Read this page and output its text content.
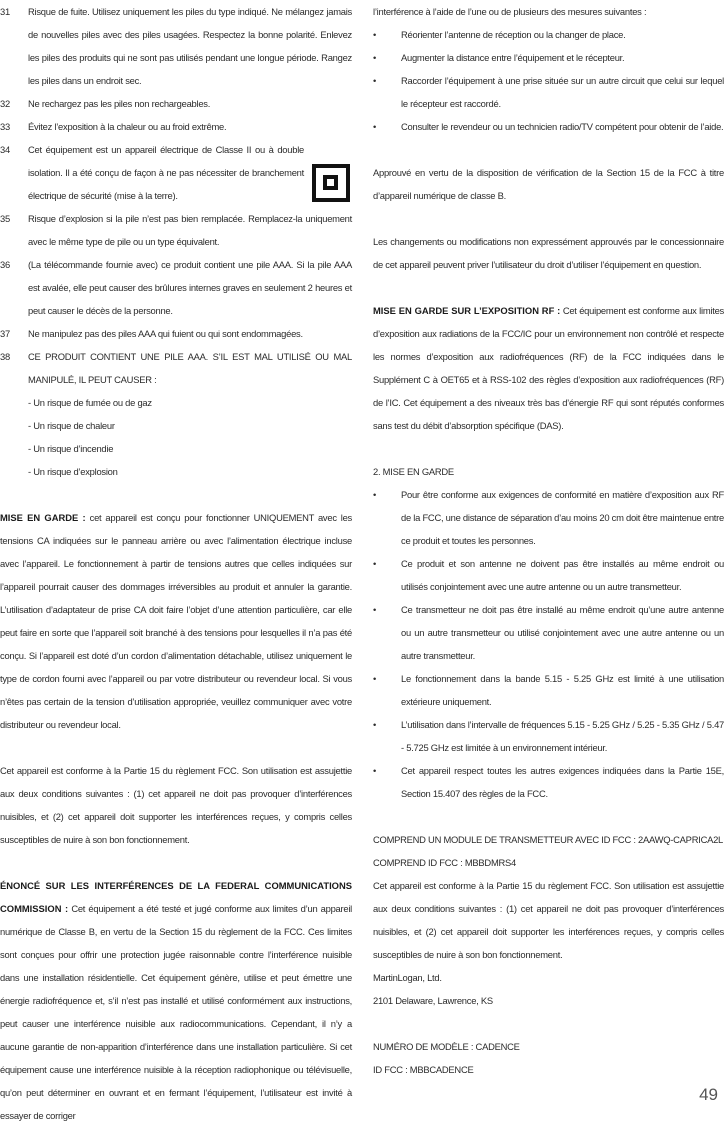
31 Risque de fuite. Utilisez uniquement les piles du type indiqué. Ne mélangez jamais de nouvelles piles avec des piles usagées. Respectez la bonne polarité. Enlevez les piles des produits qui ne sont pas utilisés pendant une longue période. Rangez les piles dans un endroit sec.
32 Ne rechargez pas les piles non rechargeables.
33 Évitez l’exposition à la chaleur ou au froid extrême.
34 Cet équipement est un appareil électrique de Classe II ou à double isolation. Il a été conçu de façon à ne pas nécessiter de branchement électrique de sécurité (mise à la terre).
35 Risque d’explosion si la pile n’est pas bien remplacée. Remplacez-la uniquement avec le même type de pile ou un type équivalent.
36 (La télécommande fournie avec) ce produit contient une pile AAA. Si la pile AAA est avalée, elle peut causer des brûlures internes graves en seulement 2 heures et peut causer le décès de la personne.
37 Ne manipulez pas des piles AAA qui fuient ou qui sont endommagées.
38 CE PRODUIT CONTIENT UNE PILE AAA. S’IL EST MAL UTILISÉ OU MAL MANIPULÉ, IL PEUT CAUSER :
- Un risque de fumée ou de gaz
- Un risque de chaleur
- Un risque d’incendie
- Un risque d’explosion
MISE EN GARDE : cet appareil est conçu pour fonctionner UNIQUEMENT avec les tensions CA indiquées sur le panneau arrière ou avec l’alimentation électrique incluse avec l’appareil. Le fonctionnement à partir de tensions autres que celles indiquées sur l’appareil pourrait causer des dommages irréversibles au produit et annuler la garantie. L’utilisation d’adaptateur de prise CA doit faire l’objet d’une attention particulière, car elle peut faire en sorte que l’appareil soit branché à des tensions pour lesquelles il n’a pas été conçu. Si l’appareil est doté d’un cordon d’alimentation détachable, utilisez uniquement le type de cordon fourni avec l’appareil ou par votre distributeur ou revendeur local. Si vous n’êtes pas certain de la tension d’utilisation appropriée, veuillez communiquer avec votre distributeur ou revendeur local.
Cet appareil est conforme à la Partie 15 du règlement FCC. Son utilisation est assujettie aux deux conditions suivantes : (1) cet appareil ne doit pas provoquer d’interférences nuisibles, et (2) cet appareil doit supporter les interférences reçues, y compris celles susceptibles de nuire à son bon fonctionnement.
ÉNONCÉ SUR LES INTERFÉRENCES DE LA FEDERAL COMMUNICATIONS COMMISSION : Cet équipement a été testé et jugé conforme aux limites d’un appareil numérique de Classe B, en vertu de la Section 15 du règlement de la FCC. Ces limites sont conçues pour offrir une protection jugée raisonnable contre l’interférence nuisible dans une installation résidentielle. Cet équipement génère, utilise et peut émettre une énergie radiofréquence et, s’il n’est pas installé et utilisé conformément aux instructions, peut causer une interférence nuisible aux radiocommunications. Cependant, il n’y a aucune garantie de non-apparition d’interférence dans une installation particulière. Si cet équipement cause une interférence nuisible à la réception radiophonique ou télévisuelle, qu’on peut déterminer en ouvrant et en fermant l’équipement, l’utilisateur est invité à essayer de corriger
l’interférence à l’aide de l’une ou de plusieurs des mesures suivantes :
•	Réorienter l’antenne de réception ou la changer de place.
•	Augmenter la distance entre l’équipement et le récepteur.
•	Raccorder l’équipement à une prise située sur un autre circuit que celui sur lequel le récepteur est raccordé.
•	Consulter le revendeur ou un technicien radio/TV compétent pour obtenir de l’aide.
Approuvé en vertu de la disposition de vérification de la Section 15 de la FCC à titre d’appareil numérique de classe B.
Les changements ou modifications non expressément approuvés par le concessionnaire de cet appareil peuvent priver l’utilisateur du droit d’utiliser l’équipement en question.
MISE EN GARDE SUR L’EXPOSITION RF : Cet équipement est conforme aux limites d’exposition aux radiations de la FCC/IC pour un environnement non contrôlé et respecte les normes d’exposition aux radiofréquences (RF) de la FCC indiquées dans le Supplément C à OET65 et à RSS-102 des règles d’exposition aux radiofréquences (RF) de l’IC. Cet équipement a des niveaux très bas d’énergie RF qui sont réputés conformes sans test du débit d’absorption spécifique (DAS).
2. MISE EN GARDE
•	Pour être conforme aux exigences de conformité en matière d’exposition aux RF de la FCC, une distance de séparation d’au moins 20 cm doit être maintenue entre ce produit et toutes les personnes.
•	Ce produit et son antenne ne doivent pas être installés au même endroit ou utilisés conjointement avec une autre antenne ou un autre transmetteur.
•	Ce transmetteur ne doit pas être installé au même endroit qu’une autre antenne ou un autre transmetteur ou utilisé conjointement avec une autre antenne ou un autre transmetteur.
•	Le fonctionnement dans la bande 5.15 - 5.25 GHz est limité à une utilisation extérieure uniquement.
•	L’utilisation dans l’intervalle de fréquences 5.15 - 5.25 GHz / 5.25 - 5.35 GHz / 5.47 - 5.725 GHz est limitée à un environnement intérieur.
•	Cet appareil respect toutes les autres exigences indiquées dans la Partie 15E, Section 15.407 des règles de la FCC.
COMPREND UN MODULE DE TRANSMETTEUR AVEC ID FCC : 2AAWQ-CAPRICA2L
COMPREND ID FCC : MBBDMRS4
Cet appareil est conforme à la Partie 15 du règlement FCC. Son utilisation est assujettie aux deux conditions suivantes : (1) cet appareil ne doit pas provoquer d’interférences nuisibles, et (2) cet appareil doit supporter les interférences reçues, y compris celles susceptibles de nuire à son bon fonctionnement.
MartinLogan, Ltd.
2101 Delaware, Lawrence, KS
NUMÉRO DE MODÈLE : CADENCE
ID FCC : MBBCADENCE
49
